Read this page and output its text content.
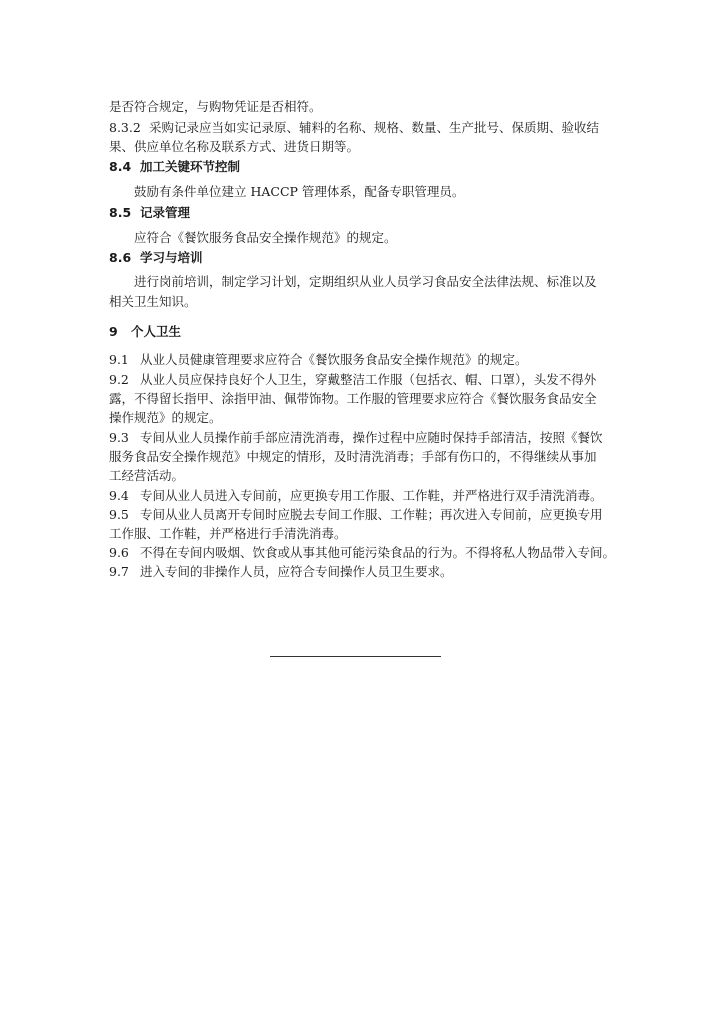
是否符合规定，与购物凭证是否相符。
8.3.2 采购记录应当如实记录原、辅料的名称、规格、数量、生产批号、保质期、验收结
果、供应单位名称及联系方式、进货日期等。
8.4 加工关键环节控制
鼓励有条件单位建立 HACCP 管理体系，配备专职管理员。
8.5 记录管理
应符合《餐饮服务食品安全操作规范》的规定。
8.6 学习与培训
进行岗前培训，制定学习计划，定期组织从业人员学习食品安全法律法规、标准以及
相关卫生知识。
9 个人卫生
9.1 从业人员健康管理要求应符合《餐饮服务食品安全操作规范》的规定。
9.2 从业人员应保持良好个人卫生，穿戴整洁工作服（包括衣、帽、口罩），头发不得外
露，不得留长指甲、涂指甲油、佩带饰物。工作服的管理要求应符合《餐饮服务食品安全
操作规范》的规定。
9.3 专间从业人员操作前手部应清洗消毒，操作过程中应随时保持手部清洁，按照《餐饮
服务食品安全操作规范》中规定的情形，及时清洗消毒；手部有伤口的，不得继续从事加
工经营活动。
9.4 专间从业人员进入专间前，应更换专用工作服、工作鞋，并严格进行双手清洗消毒。
9.5 专间从业人员离开专间时应脱去专间工作服、工作鞋；再次进入专间前，应更换专用
工作服、工作鞋，并严格进行手清洗消毒。
9.6 不得在专间内吸烟、饮食或从事其他可能污染食品的行为。不得将私人物品带入专间。
9.7 进入专间的非操作人员，应符合专间操作人员卫生要求。
